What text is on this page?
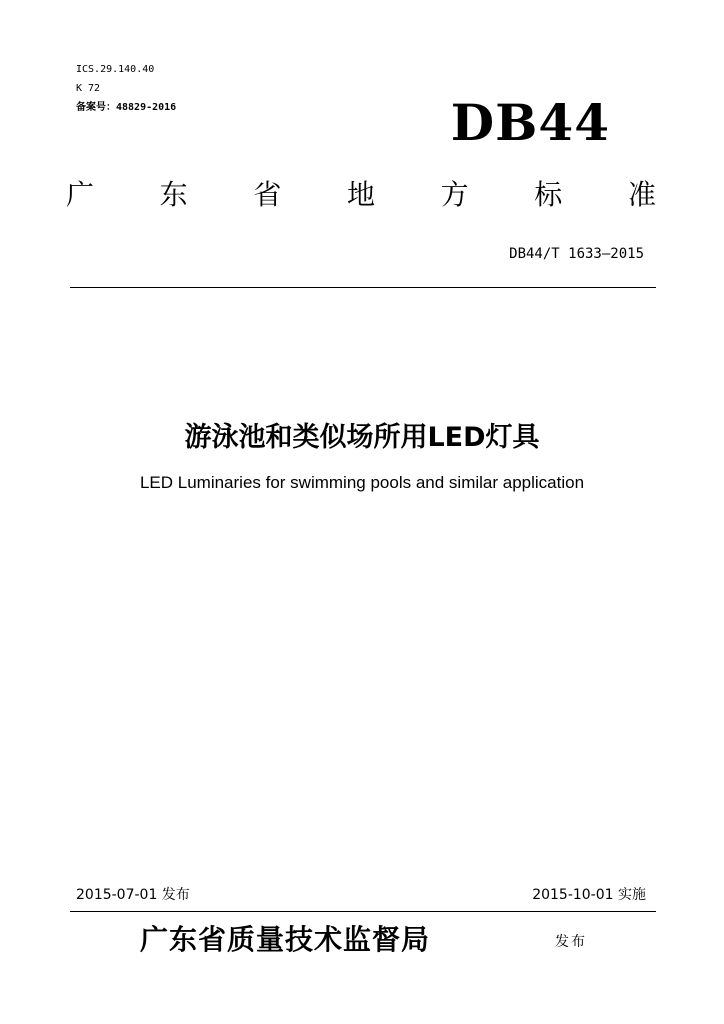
ICS.29.140.40
K 72
备案号：48829-2016	DB44
广 东 省 地 方 标 准
DB44/T 1633—2015
游泳池和类似场所用LED灯具
LED Luminaries for swimming pools and similar application
2015-07-01 发布	2015-10-01 实施
广东省质量技术监督局	发布
